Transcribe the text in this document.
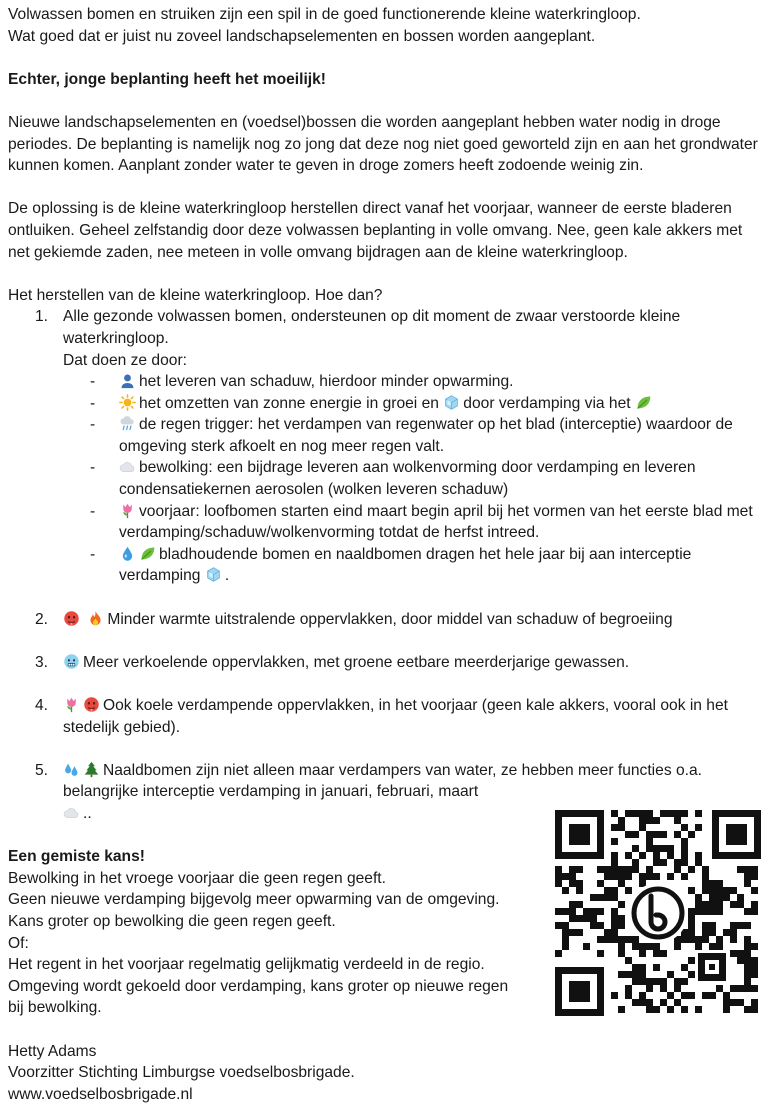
Volwassen bomen en struiken zijn een spil in de goed functionerende kleine waterkringloop.

Wat goed dat er juist nu zoveel landschapselementen en bossen worden aangeplant.

Echter, jonge beplanting heeft het moeilijk!

Nieuwe landschapselementen en (voedsel)bossen die worden aangeplant hebben water nodig in droge periodes. De beplanting is namelijk nog zo jong dat deze nog niet goed geworteld zijn en aan het grondwater kunnen komen. Aanplant zonder water te geven in droge zomers heeft zodoende weinig zin.

De oplossing is de kleine waterkringloop herstellen direct vanaf het voorjaar, wanneer de eerste bladeren ontluiken. Geheel zelfstandig door deze volwassen beplanting in volle omvang. Nee, geen kale akkers met net gekiemde zaden, nee meteen in volle omvang bijdragen aan de kleine waterkringloop.

Het herstellen van de kleine waterkringloop. Hoe dan?

1. Alle gezonde volwassen bomen, ondersteunen op dit moment de zwaar verstoorde kleine waterkringloop.
Dat doen ze door:
-	het leveren van schaduw, hierdoor minder opwarming.
-	het omzetten van zonne energie in groei en door verdamping via het
-	de regen trigger: het verdampen van regenwater op het blad (interceptie) waardoor de omgeving sterk afkoelt en nog meer regen valt.
-	bewolking: een bijdrage leveren aan wolkenvorming door verdamping en leveren condensatiekernen aerosolen (wolken leveren schaduw)
-	voorjaar: loofbomen starten eind maart begin april bij het vormen van het eerste blad met verdamping/schaduw/wolkenvorming totdat de herfst intreed.
-	bladhoudende bomen en naaldbomen dragen het hele jaar bij aan interceptie verdamping .
2.
	Minder warmte uitstralende oppervlakken, door middel van schaduw of begroeiing
3. Meer verkoelende oppervlakken, met groene eetbare meerderjarige gewassen.
4.	Ook koele verdampende oppervlakken, in het voorjaar (geen kale akkers, vooral ook in het stedelijk gebied).
5.	Naaldbomen zijn niet alleen maar verdampers van water, ze hebben meer functies o.a. belangrijke interceptie verdamping in januari, februari, maart

..

Een gemiste kans!

Bewolking in het vroege voorjaar die geen regen geeft.

Geen nieuwe verdamping bijgevolg meer opwarming van de omgeving.

Kans groter op bewolking die geen regen geeft.

Of:

Het regent in het voorjaar regelmatig gelijkmatig verdeeld in de regio.

Omgeving wordt gekoeld door verdamping, kans groter op nieuwe regen bij bewolking.

Hetty Adams

Voorzitter Stichting Limburgse voedselbosbrigade.

www.voedselbosbrigade.nl
